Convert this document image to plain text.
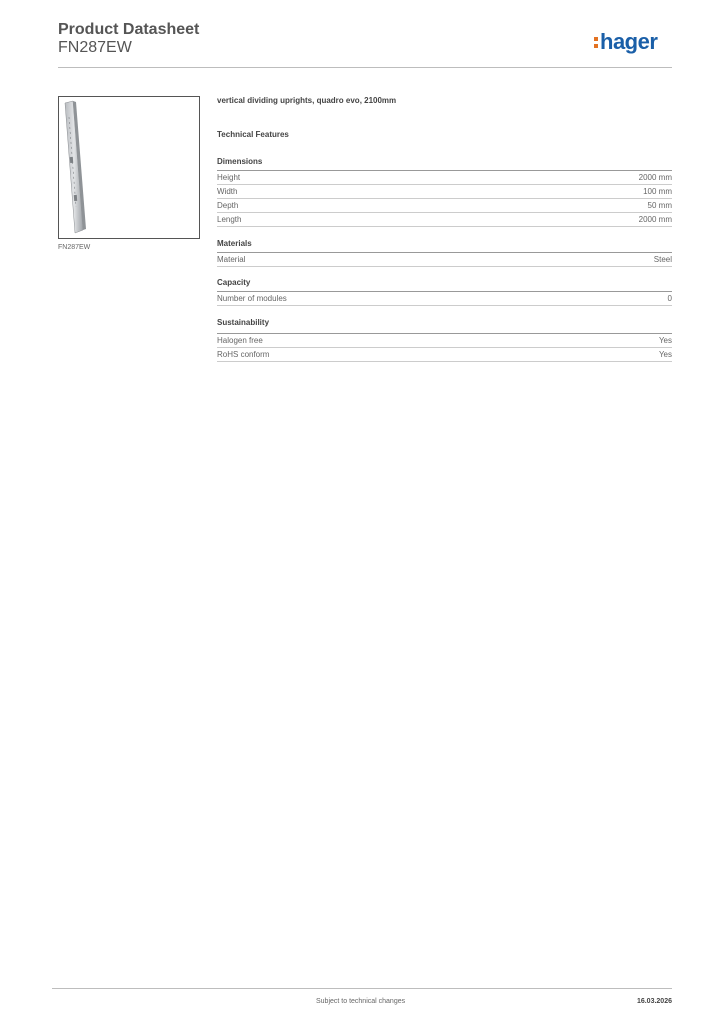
Product Datasheet
FN287EW	hager
FN287EW
vertical dividing uprights, quadro evo, 2100mm
Technical Features
Dimensions
Height	2000 mm
Width	100 mm
Depth	50 mm
Length	2000 mm
Materials
Material	Steel
Capacity
Number of modules	0
Sustainability
Halogen free	Yes
RoHS conform	Yes
Subject to technical changes	16.03.2026
